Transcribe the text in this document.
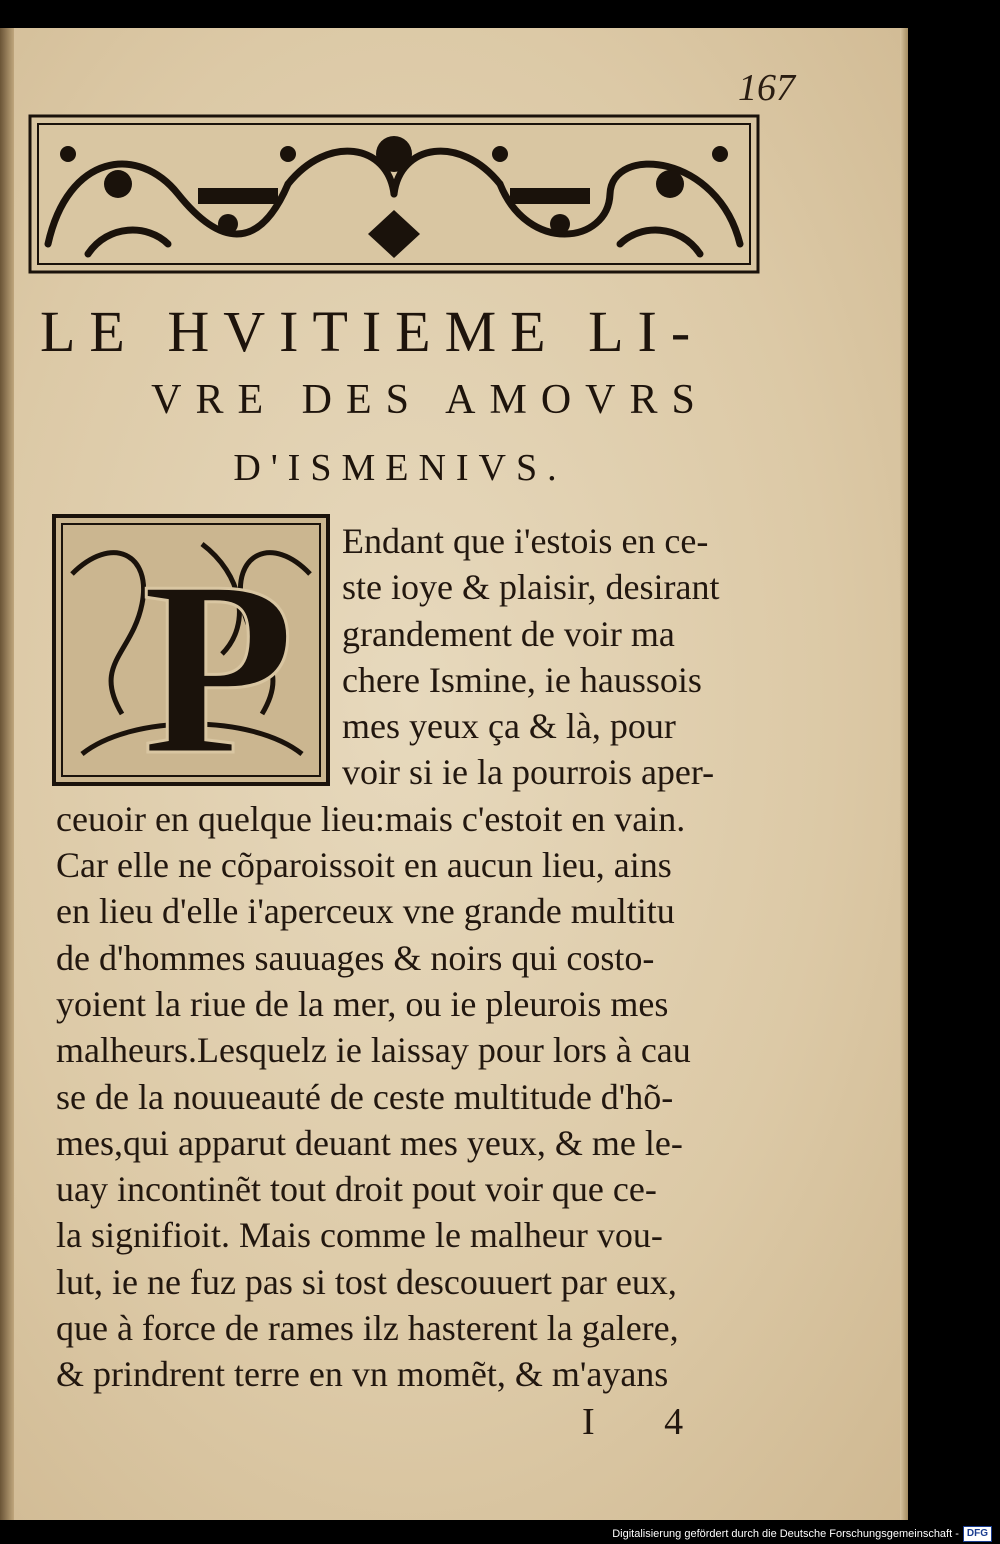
167
LE HVITIEME LI-
VRE DES AMOVRS
D'ISMENIVS.
P	Endant que i'estois en ce-
ste ioye & plaisir, desirant
grandement de voir ma
chere Ismine, ie haussois
mes yeux ça & là, pour
voir si ie la pourrois aper-
ceuoir en quelque lieu:mais c'estoit en vain.
Car elle ne cõparoissoit en aucun lieu, ains
en lieu d'elle i'aperceux vne grande multitu
de d'hommes sauuages & noirs qui costo-
yoient la riue de la mer, ou ie pleurois mes
malheurs.Lesquelz ie laissay pour lors à cau
se de la nouueauté de ceste multitude d'hõ-
mes,qui apparut deuant mes yeux, & me le-
uay incontinẽt tout droit pout voir que ce-
la signifioit. Mais comme le malheur vou-
lut, ie ne fuz pas si tost descouuert par eux,
que à force de rames ilz hasterent la galere,
& prindrent terre en vn momẽt, & m'ayans
I 4
Digitalisierung gefördert durch die Deutsche Forschungsgemeinschaft - DFG
